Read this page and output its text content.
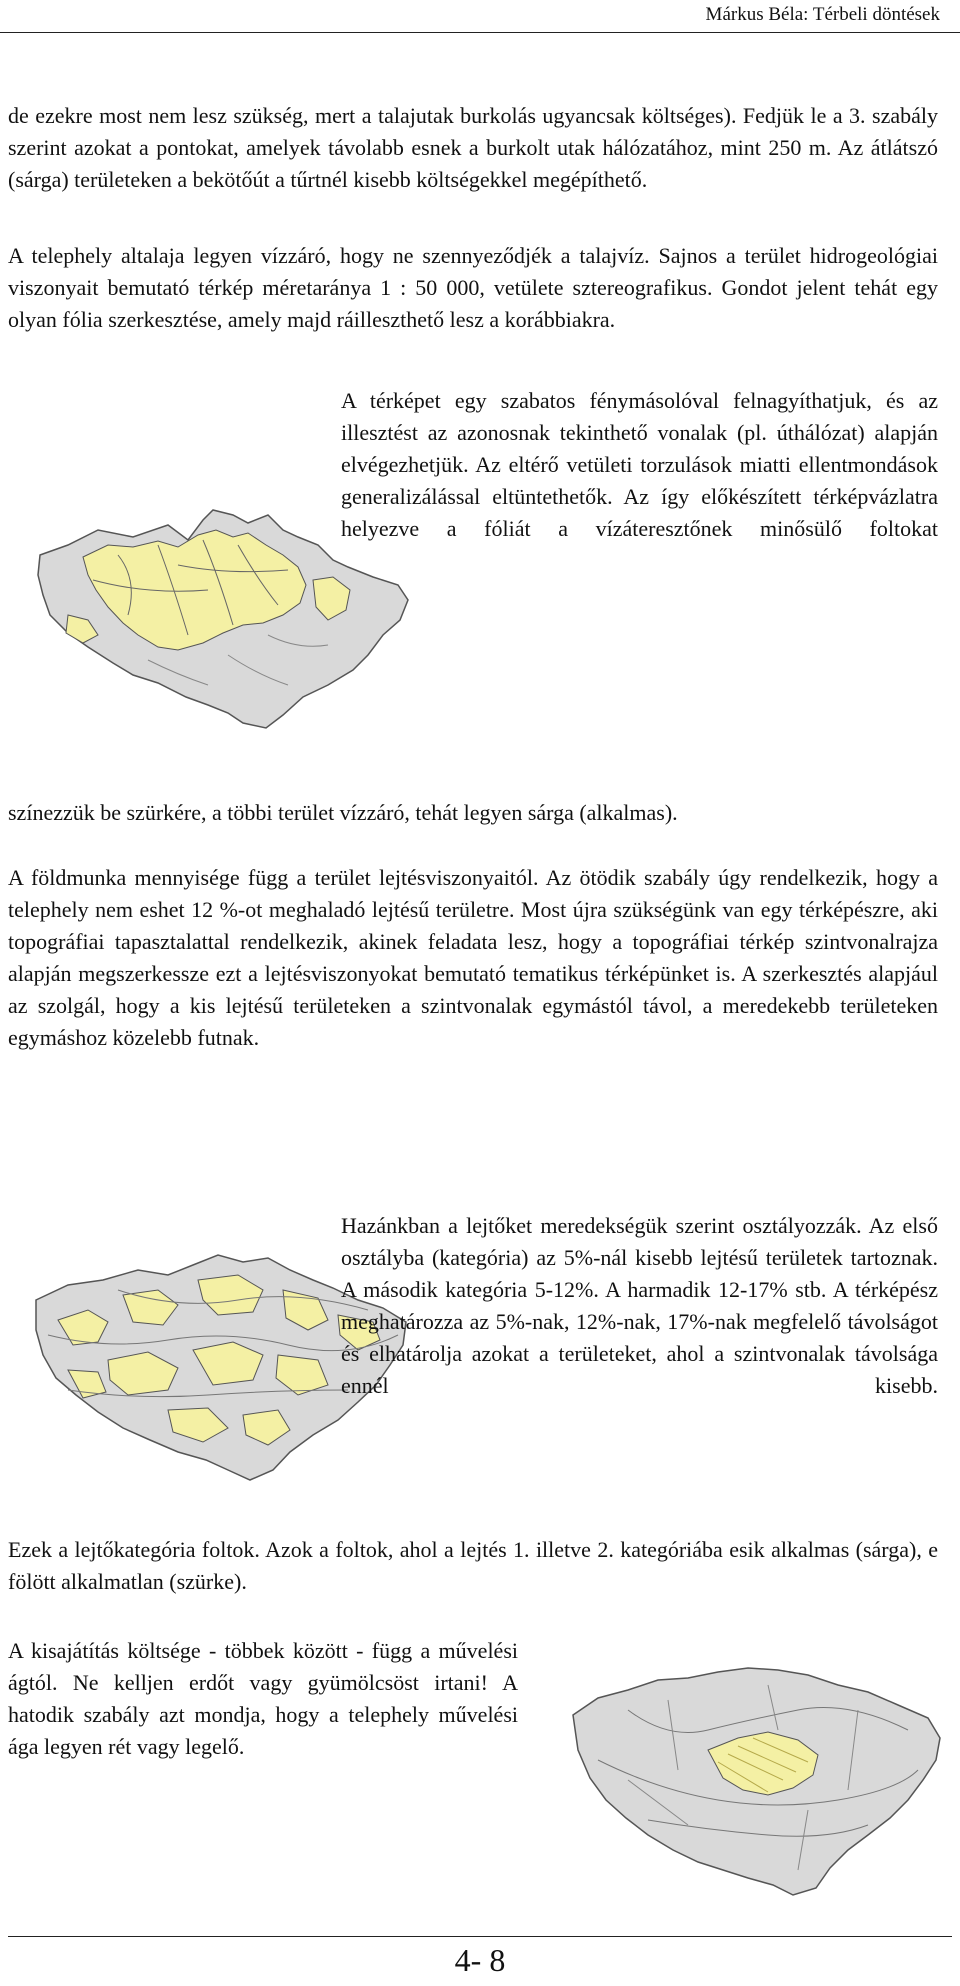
Márkus Béla: Térbeli döntések

de ezekre most nem lesz szükség, mert a talajutak burkolás ugyancsak költséges). Fedjük le a 3. szabály szerint azokat a pontokat, amelyek távolabb esnek a burkolt utak hálózatához, mint 250 m. Az átlátszó (sárga) területeken a bekötőút a tűrtnél kisebb költségekkel megépíthető.

A telephely altalaja legyen vízzáró, hogy ne szennyeződjék a talajvíz. Sajnos a terület hidrogeológiai viszonyait bemutató térkép méretaránya 1 : 50 000, vetülete sztereografikus. Gondot jelent tehát egy olyan fólia szerkesztése, amely majd ráilleszthető lesz a korábbiakra.

A térképet egy szabatos fénymásolóval felnagyíthatjuk, és az illesztést az azonosnak tekinthető vonalak (pl. úthálózat) alapján elvégezhetjük. Az eltérő vetületi torzulások miatti ellentmondások generalizálással eltüntethetők. Az így előkészített térképvázlatra helyezve a fóliát a vízáteresztőnek minősülő foltokat

színezzük be szürkére, a többi terület vízzáró, tehát legyen sárga (alkalmas).

A földmunka mennyisége függ a terület lejtésviszonyaitól. Az ötödik szabály úgy rendelkezik, hogy a telephely nem eshet 12 %-ot meghaladó lejtésű területre. Most újra szükségünk van egy térképészre, aki topográfiai tapasztalattal rendelkezik, akinek feladata lesz, hogy a topográfiai térkép szintvonalrajza alapján megszerkessze ezt a lejtésviszonyokat bemutató tematikus térképünket is. A szerkesztés alapjául az szolgál, hogy a kis lejtésű területeken a szintvonalak egymástól távol, a meredekebb területeken egymáshoz közelebb futnak.

Hazánkban a lejtőket meredekségük szerint osztályozzák. Az első osztályba (kategória) az 5%-nál kisebb lejtésű területek tartoznak. A második kategória 5-12%. A harmadik 12-17% stb. A térképész meghatározza az 5%-nak, 12%-nak, 17%-nak megfelelő távolságot és elhatárolja azokat a területeket, ahol a szintvonalak távolsága ennél kisebb.

Ezek a lejtőkategória foltok. Azok a foltok, ahol a lejtés 1. illetve 2. kategóriába esik alkalmas (sárga), e fölött alkalmatlan (szürke).

A kisajátítás költsége - többek között - függ a művelési ágtól. Ne kelljen erdőt vagy gyümölcsöst irtani! A hatodik szabály azt mondja, hogy a telephely művelési ága legyen rét vagy legelő.

4- 8
